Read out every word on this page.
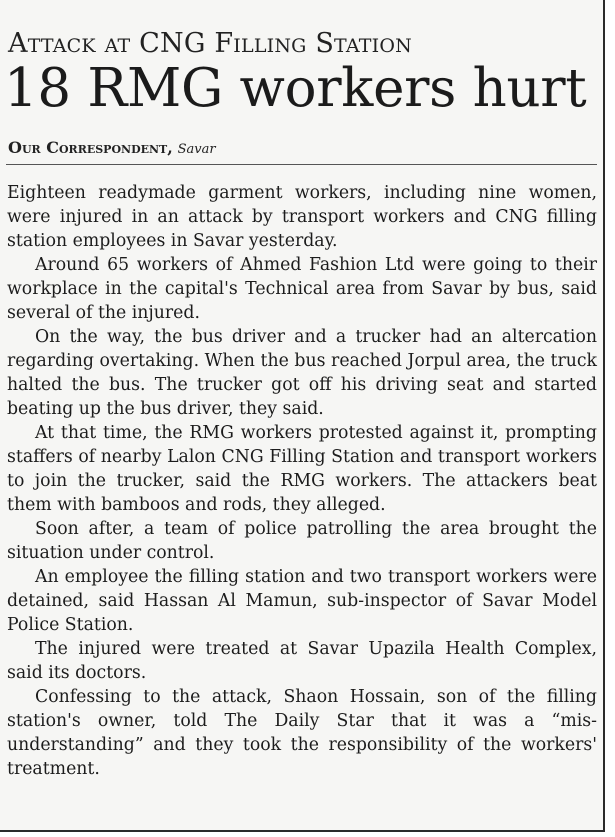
Attack at CNG Filling Station
18 RMG workers hurt
Our Correspondent, Savar

Eighteen readymade garment workers, including nine women, were injured in an attack by transport workers and CNG filling station employees in Savar yesterday.

Around 65 workers of Ahmed Fashion Ltd were going to their workplace in the capital's Technical area from Savar by bus, said several of the injured.

On the way, the bus driver and a trucker had an altercation regarding overtaking. When the bus reached Jorpul area, the truck halted the bus. The trucker got off his driving seat and started beating up the bus driver, they said.

At that time, the RMG workers protested against it, prompting staffers of nearby Lalon CNG Filling Station and transport workers to join the trucker, said the RMG workers. The attackers beat them with bamboos and rods, they alleged.

Soon after, a team of police patrolling the area brought the situation under control.

An employee the filling station and two transport workers were detained, said Hassan Al Mamun, sub-inspector of Savar Model Police Station.

The injured were treated at Savar Upazila Health Complex, said its doctors.

Confessing to the attack, Shaon Hossain, son of the filling station's owner, told The Daily Star that it was a “misunderstanding” and they took the responsibility of the workers' treatment.
